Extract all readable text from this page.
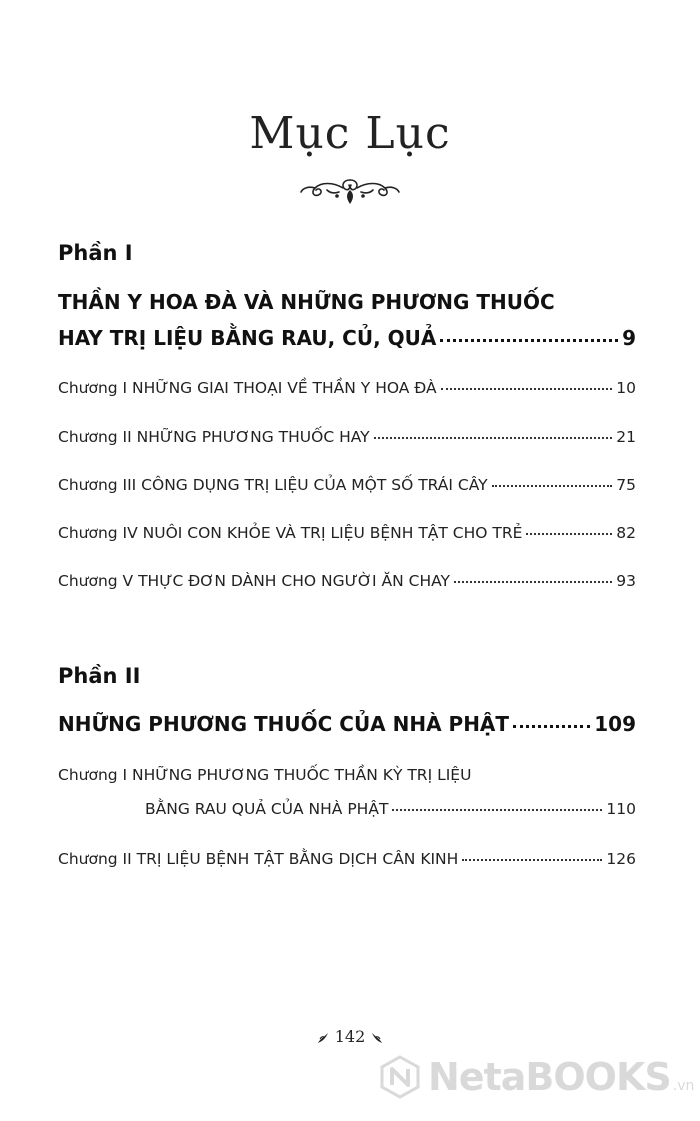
Mục Lục
Phần I
THẦN Y HOA ĐÀ VÀ NHỮNG PHƯƠNG THUỐC
HAY TRỊ LIỆU BẰNG RAU, CỦ, QUẢ	9
Chương I NHỮNG GIAI THOẠI VỀ THẦN Y HOA ĐÀ	10
Chương II NHỮNG PHƯƠNG THUỐC HAY	21
Chương III CÔNG DỤNG TRỊ LIỆU CỦA MỘT SỐ TRÁI CÂY	75
Chương IV NUÔI CON KHỎE VÀ TRỊ LIỆU BỆNH TẬT CHO TRẺ	82
Chương V THỰC ĐƠN DÀNH CHO NGƯỜI ĂN CHAY	93
Phần II
NHỮNG PHƯƠNG THUỐC CỦA NHÀ PHẬT	109
Chương I NHỮNG PHƯƠNG THUỐC THẦN KỲ TRỊ LIỆU
BẰNG RAU QUẢ CỦA NHÀ PHẬT	110
Chương II TRỊ LIỆU BỆNH TẬT BẰNG DỊCH CÂN KINH	126
142
NetaBOOKS .vn
